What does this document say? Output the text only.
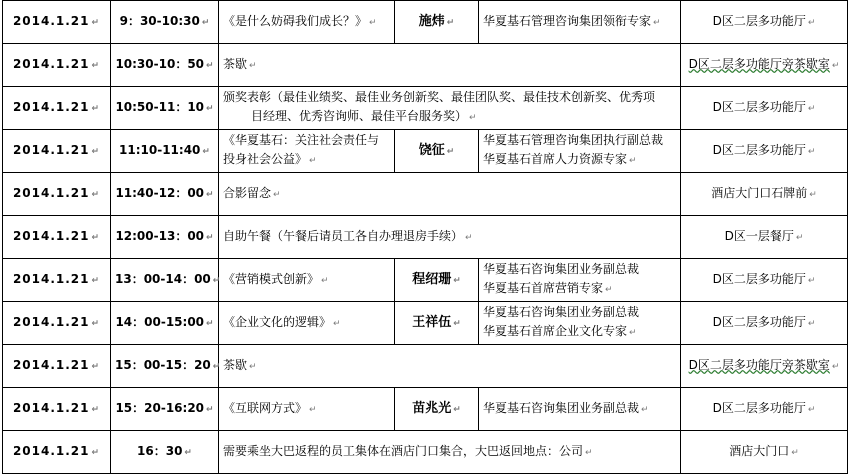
2014.1.21 ↵	9：30-10:30 ↵	《是什么妨碍我们成长？》 ↵	施炜 ↵	华夏基石管理咨询集团领衔专家 ↵	D区二层多功能厅 ↵
2014.1.21 ↵	10:30-10：50 ↵	茶歇 ↵			D区二层多功能厅旁茶歇室 ↵
2014.1.21 ↵	10:50-11：10 ↵	颁奖表彰（最佳业绩奖、最佳业务创新奖、最佳团队奖、最佳技术创新奖、优秀项
目经理、优秀咨询师、最佳平台服务奖） ↵			D区二层多功能厅 ↵
2014.1.21 ↵	11:10-11:40 ↵	《华夏基石：关注社会责任与
投身社会公益》 ↵	饶征 ↵	华夏基石管理咨询集团执行副总裁
华夏基石首席人力资源专家 ↵	D区二层多功能厅 ↵
2014.1.21 ↵	11:40-12：00 ↵	合影留念 ↵			酒店大门口石牌前 ↵
2014.1.21 ↵	12:00-13：00 ↵	自助午餐（午餐后请员工各自办理退房手续） ↵			D区一层餐厅 ↵
2014.1.21 ↵	13：00-14：00 ↵	《营销模式创新》 ↵	程绍珊 ↵	华夏基石咨询集团业务副总裁
华夏基石首席营销专家 ↵	D区二层多功能厅 ↵
2014.1.21 ↵	14：00-15:00 ↵	《企业文化的逻辑》 ↵	王祥伍 ↵	华夏基石咨询集团业务副总裁
华夏基石首席企业文化专家 ↵	D区二层多功能厅 ↵
2014.1.21 ↵	15：00-15：20 ↵	茶歇 ↵			D区二层多功能厅旁茶歇室 ↵
2014.1.21 ↵	15：20-16:20 ↵	《互联网方式》 ↵	苗兆光 ↵	华夏基石咨询集团业务副总裁 ↵	D区二层多功能厅 ↵
2014.1.21 ↵	16：30 ↵	需要乘坐大巴返程的员工集体在酒店门口集合，大巴返回地点：公司 ↵			酒店大门口 ↵
